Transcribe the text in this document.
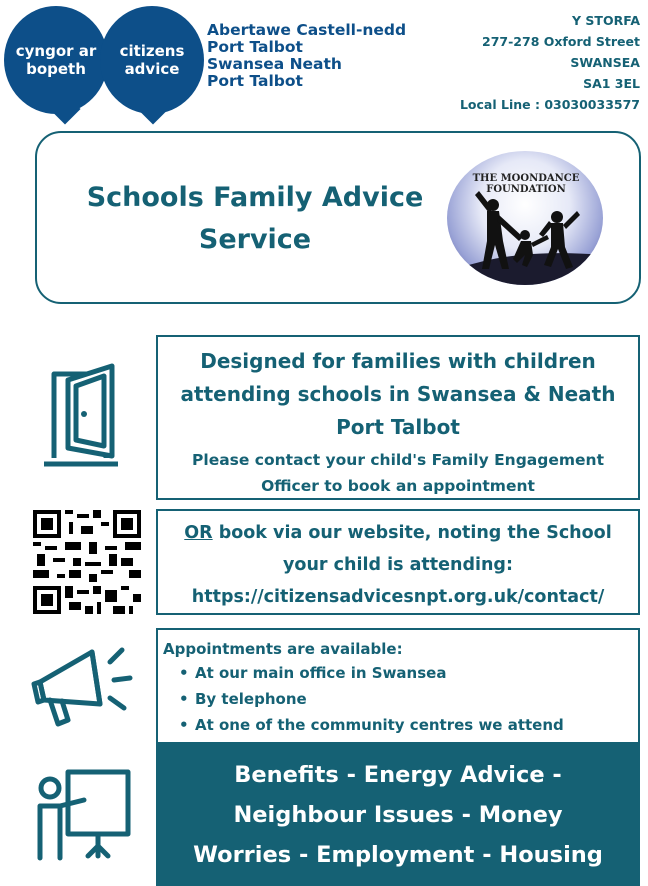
cyngor ar
bopeth
citizens
advice
Abertawe Castell-nedd
Port Talbot
Swansea Neath
Port Talbot
Y STORFA
277-278 Oxford Street
SWANSEA
SA1 3EL
Local Line : 03030033577
Schools Family Advice
Service
THE MOONDANCE
FOUNDATION
Designed for families with children
attending schools in Swansea & Neath
Port Talbot
Please contact your child's Family Engagement
Officer to book an appointment
OR book via our website, noting the School
your child is attending:
https://citizensadvicesnpt.org.uk/contact/
Appointments are available:
• At our main office in Swansea
• By telephone
• At one of the community centres we attend
Benefits - Energy Advice -
Neighbour Issues - Money
Worries - Employment - Housing
